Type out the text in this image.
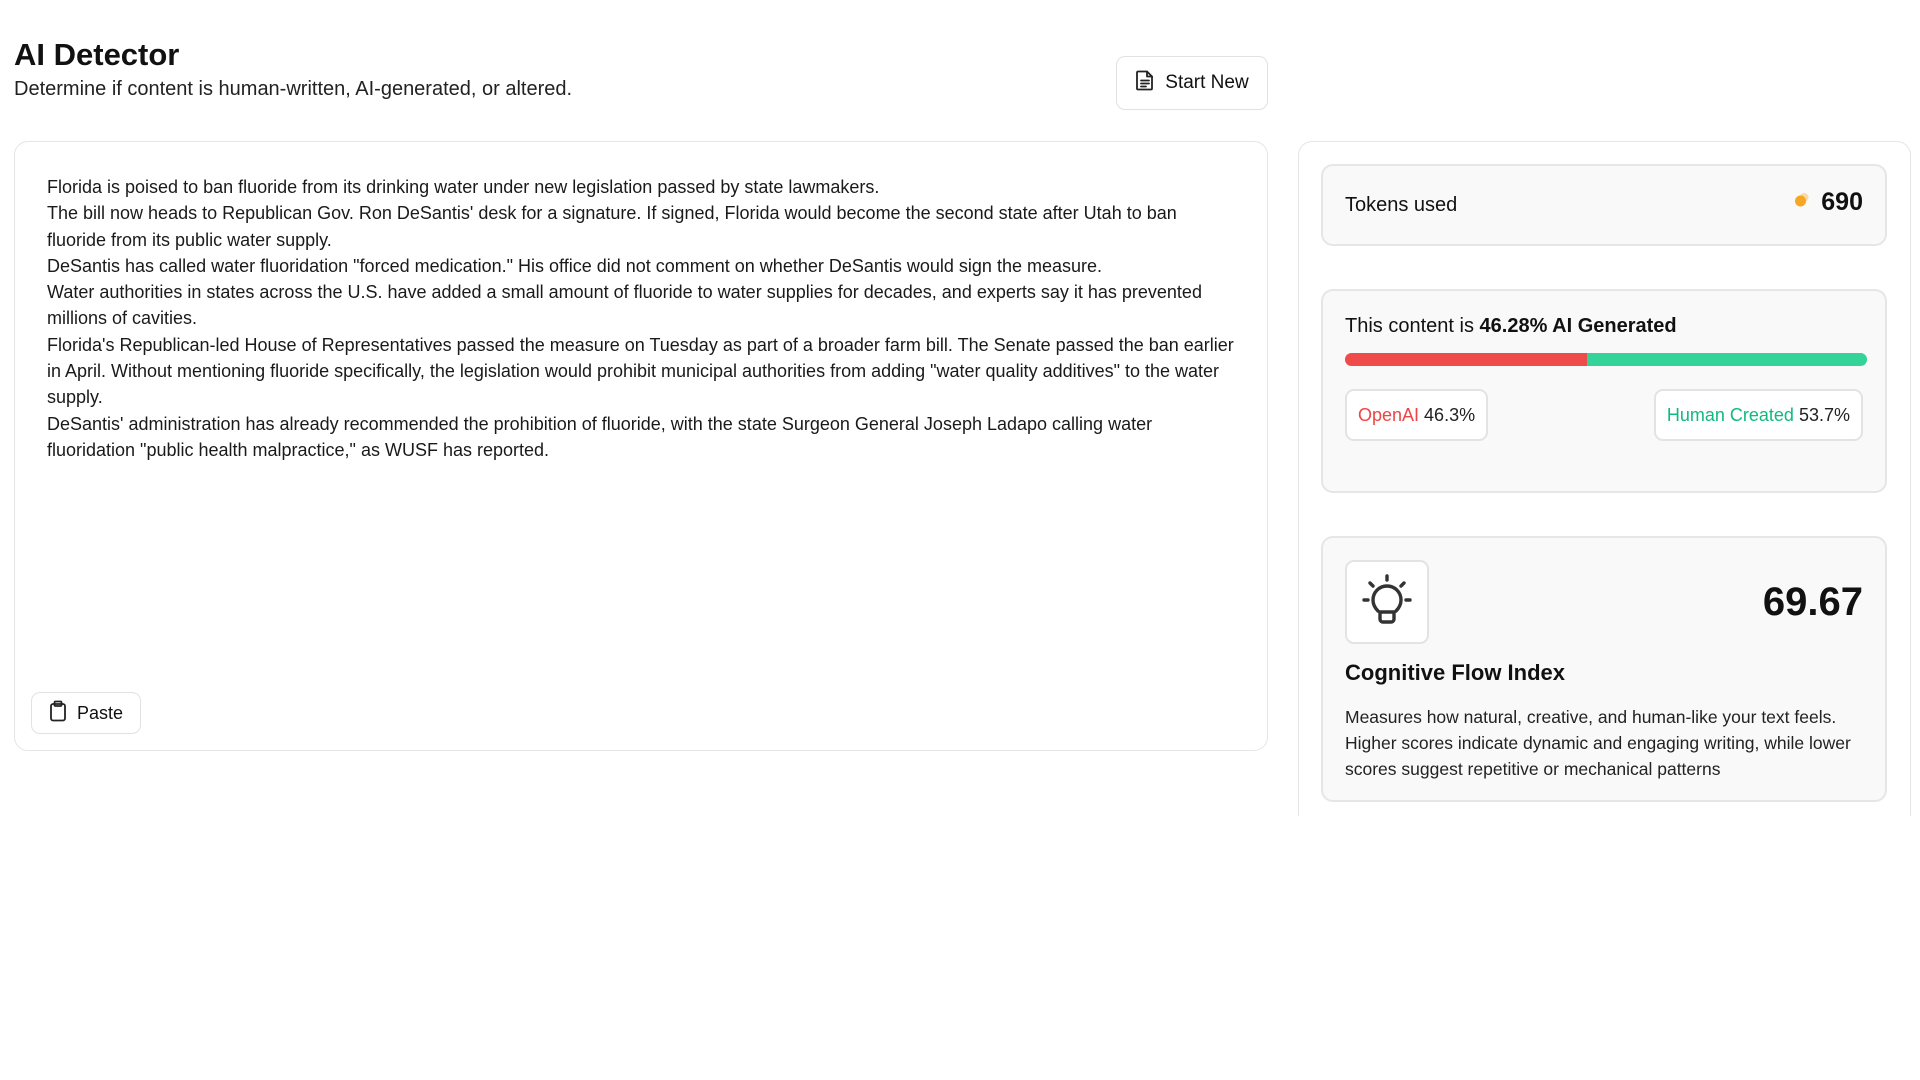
AI Detector

Determine if content is human-written, AI-generated, or altered.	Start New

Florida is poised to ban fluoride from its drinking water under new legislation passed by state lawmakers.

The bill now heads to Republican Gov. Ron DeSantis' desk for a signature. If signed, Florida would become the second state after Utah to ban fluoride from its public water supply.

DeSantis has called water fluoridation "forced medication." His office did not comment on whether DeSantis would sign the measure.

Water authorities in states across the U.S. have added a small amount of fluoride to water supplies for decades, and experts say it has prevented millions of cavities.

Florida's Republican-led House of Representatives passed the measure on Tuesday as part of a broader farm bill. The Senate passed the ban earlier in April. Without mentioning fluoride specifically, the legislation would prohibit municipal authorities from adding "water quality additives" to the water supply.

DeSantis' administration has already recommended the prohibition of fluoride, with the state Surgeon General Joseph Ladapo calling water fluoridation "public health malpractice," as WUSF has reported.

Paste
Tokens used	690
This content is 46.28% AI Generated
OpenAI 46.3%	Human Created 53.7%
69.67
Cognitive Flow Index
Measures how natural, creative, and human-like your text feels. Higher scores indicate dynamic and engaging writing, while lower scores suggest repetitive or mechanical patterns
